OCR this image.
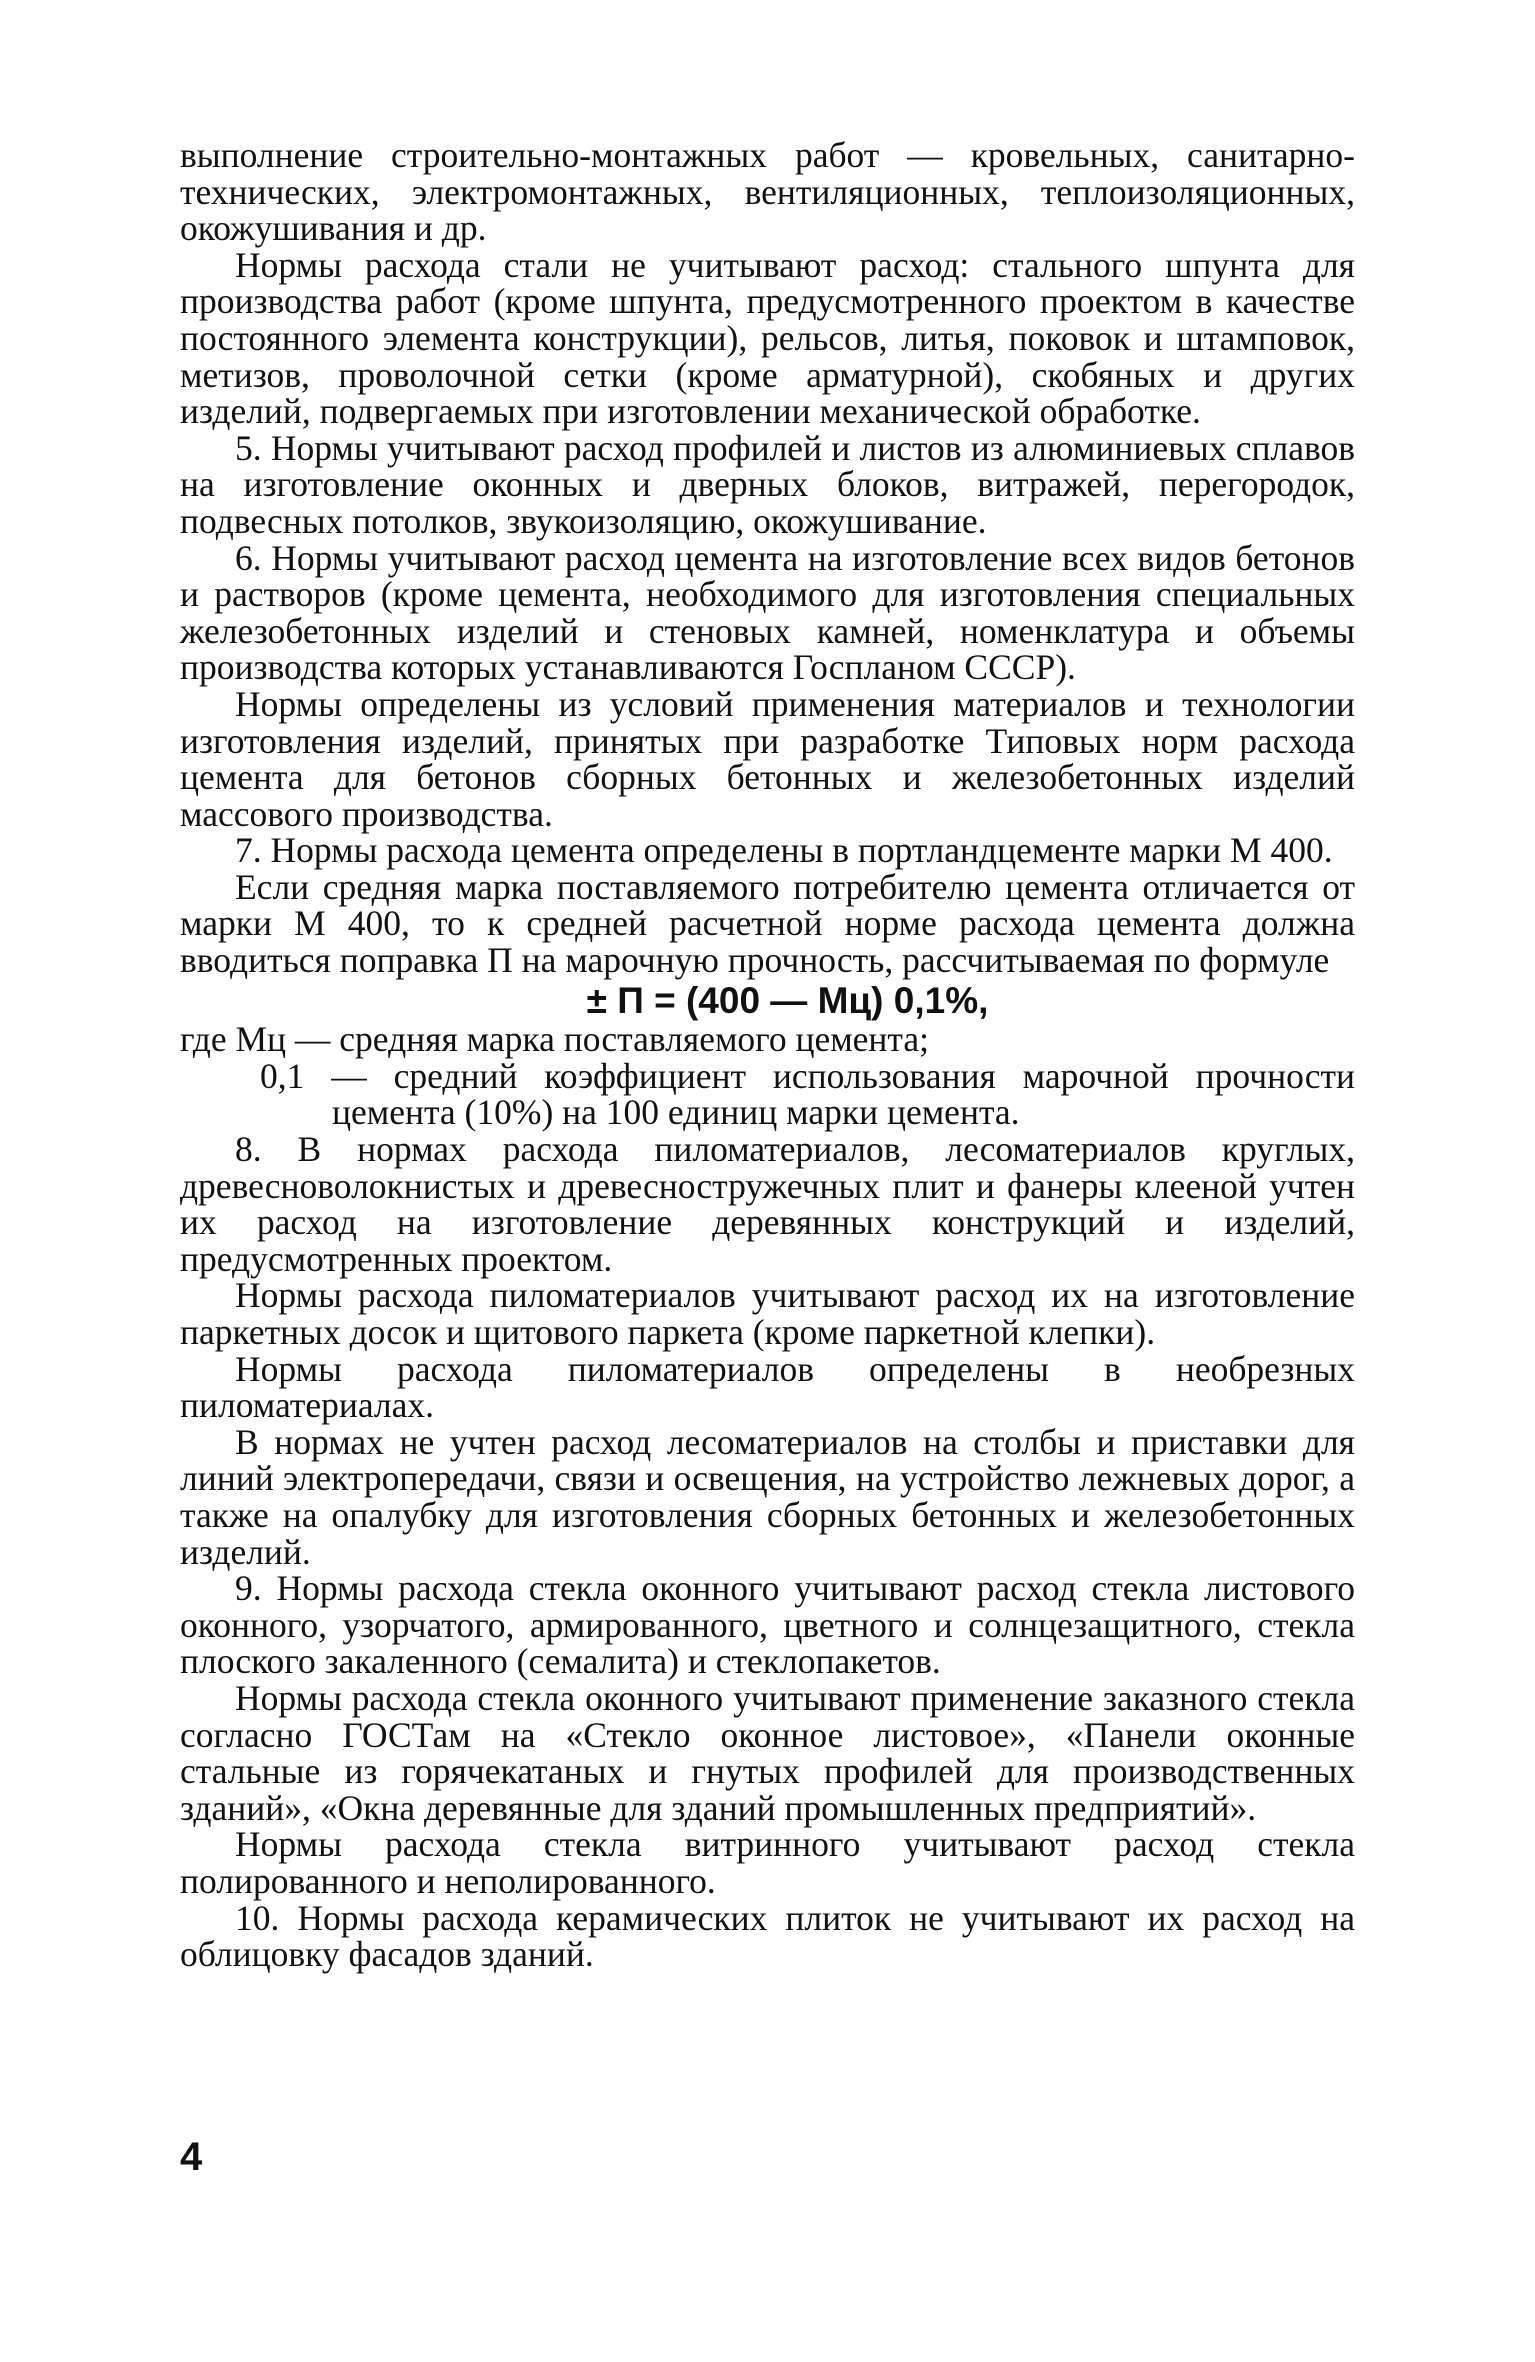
выполнение строительно-монтажных работ — кровельных, санитарно-технических, электромонтажных, вентиляционных, теплоизоляционных, окожушивания и др.

Нормы расхода стали не учитывают расход: стального шпунта для производства работ (кроме шпунта, предусмотренного проектом в качестве постоянного элемента конструкции), рельсов, литья, поковок и штамповок, метизов, проволочной сетки (кроме арматурной), скобяных и других изделий, подвергаемых при изготовлении механической обработке.

5. Нормы учитывают расход профилей и листов из алюминиевых сплавов на изготовление оконных и дверных блоков, витражей, перегородок, подвесных потолков, звукоизоляцию, окожушивание.

6. Нормы учитывают расход цемента на изготовление всех видов бетонов и растворов (кроме цемента, необходимого для изготовления специальных железобетонных изделий и стеновых камней, номенклатура и объемы производства которых устанавливаются Госпланом СССР).

Нормы определены из условий применения материалов и технологии изготовления изделий, принятых при разработке Типовых норм расхода цемента для бетонов сборных бетонных и железобетонных изделий массового производства.

7. Нормы расхода цемента определены в портландцементе марки М 400.

Если средняя марка поставляемого потребителю цемента отличается от марки М 400, то к средней расчетной норме расхода цемента должна вводиться поправка П на марочную прочность, рассчитываемая по формуле

± П = (400 — Мц) 0,1%,

где Мц — средняя марка поставляемого цемента;

0,1 — средний коэффициент использования марочной прочности цемента (10%) на 100 единиц марки цемента.

8. В нормах расхода пиломатериалов, лесоматериалов круглых, древесноволокнистых и древесностружечных плит и фанеры клееной учтен их расход на изготовление деревянных конструкций и изделий, предусмотренных проектом.

Нормы расхода пиломатериалов учитывают расход их на изготовление паркетных досок и щитового паркета (кроме паркетной клепки).

Нормы расхода пиломатериалов определены в необрезных пиломатериалах.

В нормах не учтен расход лесоматериалов на столбы и приставки для линий электропередачи, связи и освещения, на устройство лежневых дорог, а также на опалубку для изготовления сборных бетонных и железобетонных изделий.

9. Нормы расхода стекла оконного учитывают расход стекла листового оконного, узорчатого, армированного, цветного и солнцезащитного, стекла плоского закаленного (семалита) и стеклопакетов.

Нормы расхода стекла оконного учитывают применение заказного стекла согласно ГОСТам на «Стекло оконное листовое», «Панели оконные стальные из горячекатаных и гнутых профилей для производственных зданий», «Окна деревянные для зданий промышленных предприятий».

Нормы расхода стекла витринного учитывают расход стекла полированного и неполированного.

10. Нормы расхода керамических плиток не учитывают их расход на облицовку фасадов зданий.

4
